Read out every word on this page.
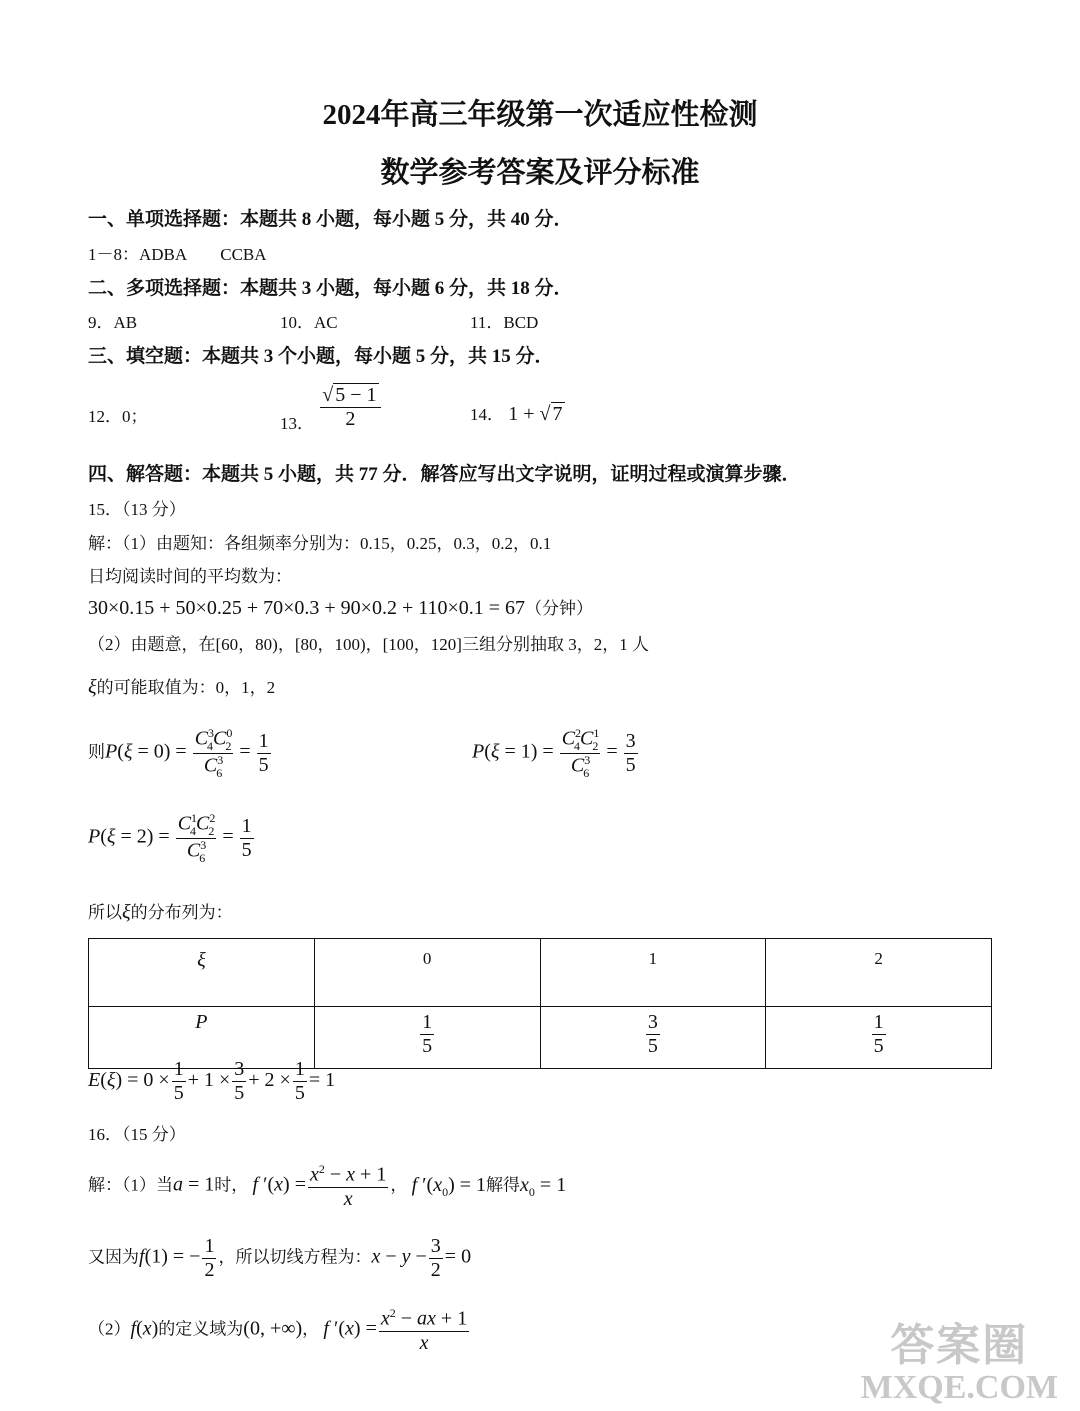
2024年高三年级第一次适应性检测
数学参考答案及评分标准
一、单项选择题：本题共 8 小题，每小题 5 分，共 40 分．
1－8：ADBA　　CCBA
二、多项选择题：本题共 3 小题，每小题 6 分，共 18 分．
9．AB	10．AC	11．BCD
三、填空题：本题共 3 个小题，每小题 5 分，共 15 分．
12．0；	13． $\frac{√ 5 - 1}{2}$	14． 1 + √ 7
四、解答题：本题共 5 小题，共 77 分．解答应写出文字说明，证明过程或演算步骤．
15．（13 分）
解：（1）由题知：各组频率分别为：0.15，0.25，0.3，0.2，0.1
日均阅读时间的平均数为：
30×0.15 + 50×0.25 + 70×0.3 + 90×0.2 + 110×0.1 = 67（分钟）
（2）由题意，在[60，80)，[80，100)，[100，120]三组分别抽取 3，2，1 人
ξ的可能取值为：0，1，2
则$P(\xi = 0) = \frac{C^3_4C^0_2}{C^3_6} = \frac{1}{5}$	$P(\xi = 1) = \frac{C^2_4C^1_2}{C^3_6} = \frac{3}{5}$
$P(\xi = 2) = \frac{C^1_4C^2_2}{C^3_6} = \frac{1}{5}$
所以ξ的分布列为：
ξ	0	1	2
P	$\frac{1}{5}$	$\frac{3}{5}$	$\frac{1}{5}$
$E(\xi) = 0 \times \frac{1}{5} + 1 \times \frac{3}{5} + 2 \times \frac{1}{5} = 1$
16．（15 分）
解：（1）当a = 1时， f $'(x) = \frac{x^2 - x + 1}{x}$ ， f $'(x_0) = 1$解得$x_0 = 1$
又因为f(1) = − $\frac{1}{2}$ ，所以切线方程为：$x - y - \frac{3}{2} = 0$
（2）f(x)的定义域为(0, +∞)， f $'(x) = \frac{x^2 - ax + 1}{x}$	答案圈
MXQE.COM
